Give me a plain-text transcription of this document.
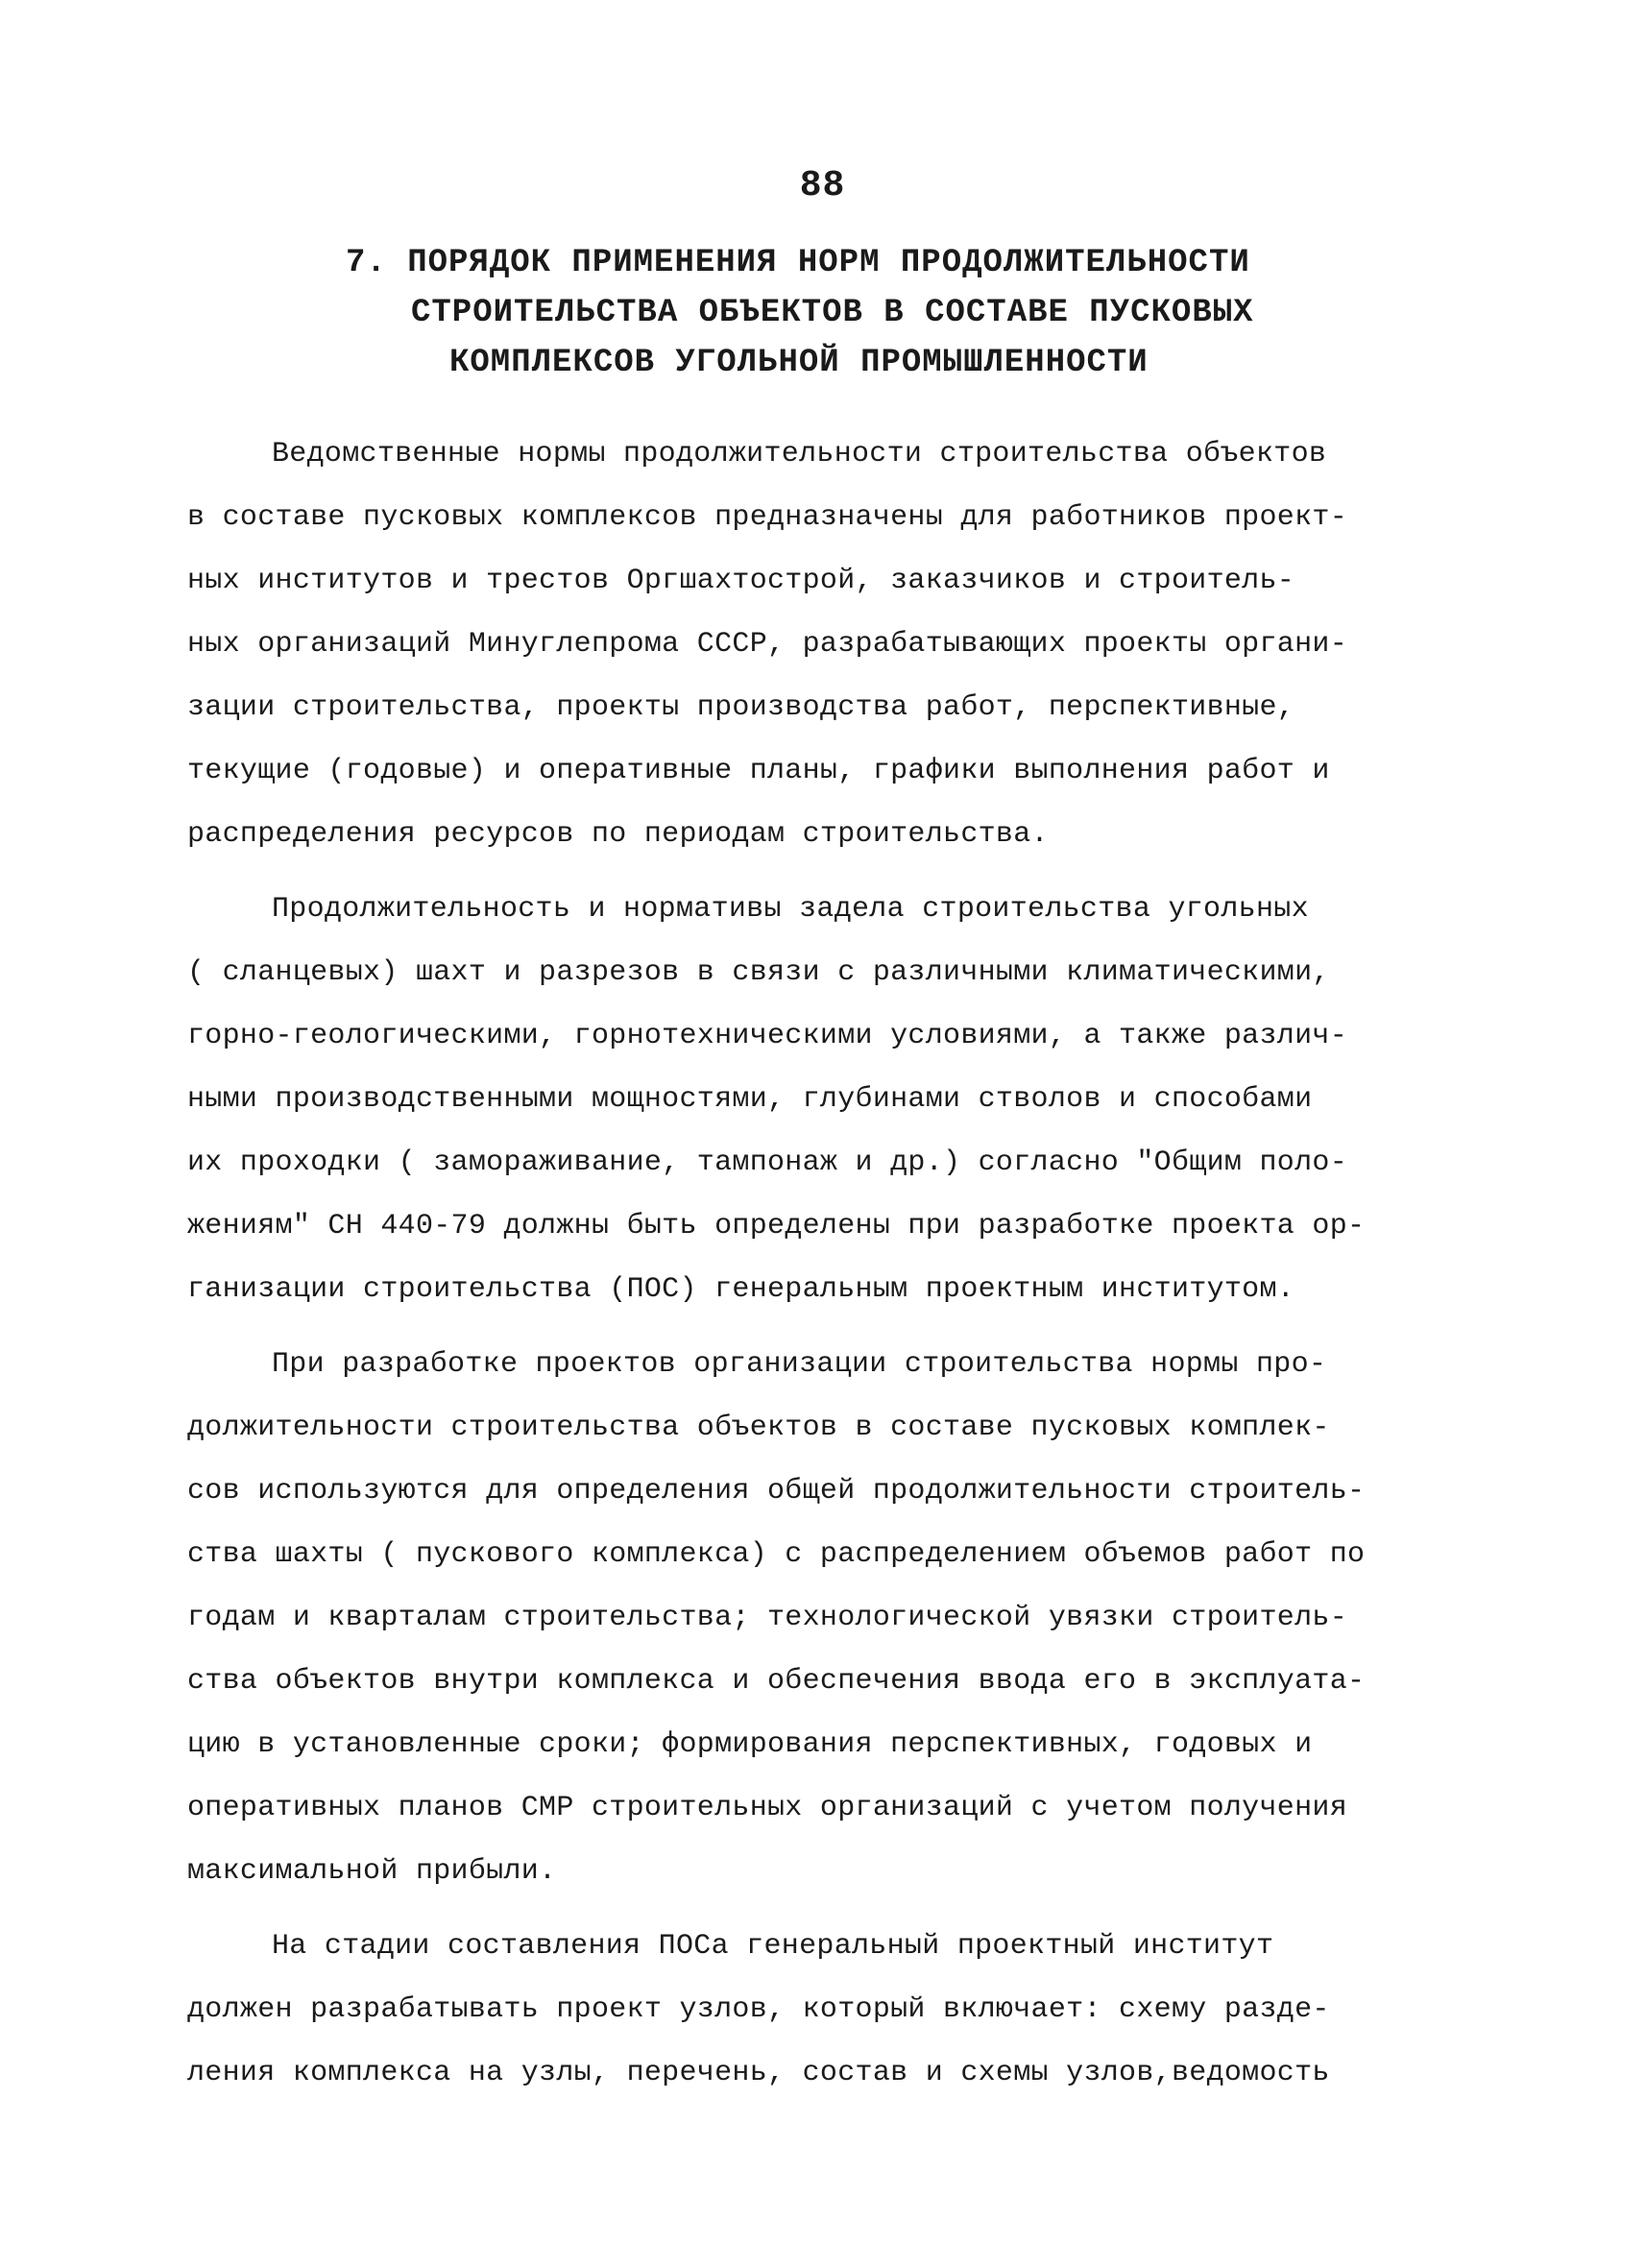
88
7. ПОРЯДОК ПРИМЕНЕНИЯ НОРМ ПРОДОЛЖИТЕЛЬНОСТИ
СТРОИТЕЛЬСТВА ОБЪЕКТОВ В СОСТАВЕ ПУСКОВЫХ
КОМПЛЕКСОВ УГОЛЬНОЙ ПРОМЫШЛЕННОСТИ
Ведомственные нормы продолжительности строительства объектов
в составе пусковых комплексов предназначены для работников проект-
ных институтов и трестов Оргшахтострой, заказчиков и строитель-
ных организаций Минуглепрома СССР, разрабатывающих проекты органи-
зации строительства, проекты производства работ, перспективные,
текущие (годовые) и оперативные планы, графики выполнения работ и
распределения ресурсов по периодам строительства.
Продолжительность и нормативы задела строительства угольных
( сланцевых) шахт и разрезов в связи с различными климатическими,
горно-геологическими, горнотехническими условиями, а также различ-
ными производственными мощностями, глубинами стволов и способами
их проходки ( замораживание, тампонаж и др.) согласно "Общим поло-
жениям" СН 440-79 должны быть определены при разработке проекта ор-
ганизации строительства (ПОС) генеральным проектным институтом.
При разработке проектов организации строительства нормы про-
должительности строительства объектов в составе пусковых комплек-
сов используются для определения общей продолжительности строитель-
ства шахты ( пускового комплекса) с распределением объемов работ по
годам и кварталам строительства; технологической увязки строитель-
ства объектов внутри комплекса и обеспечения ввода его в эксплуата-
цию в установленные сроки; формирования перспективных, годовых и
оперативных планов СМР строительных организаций с учетом получения
максимальной прибыли.
На стадии составления ПОСа генеральный проектный институт
должен разрабатывать проект узлов, который включает: схему разде-
ления комплекса на узлы, перечень, состав и схемы узлов,ведомость
